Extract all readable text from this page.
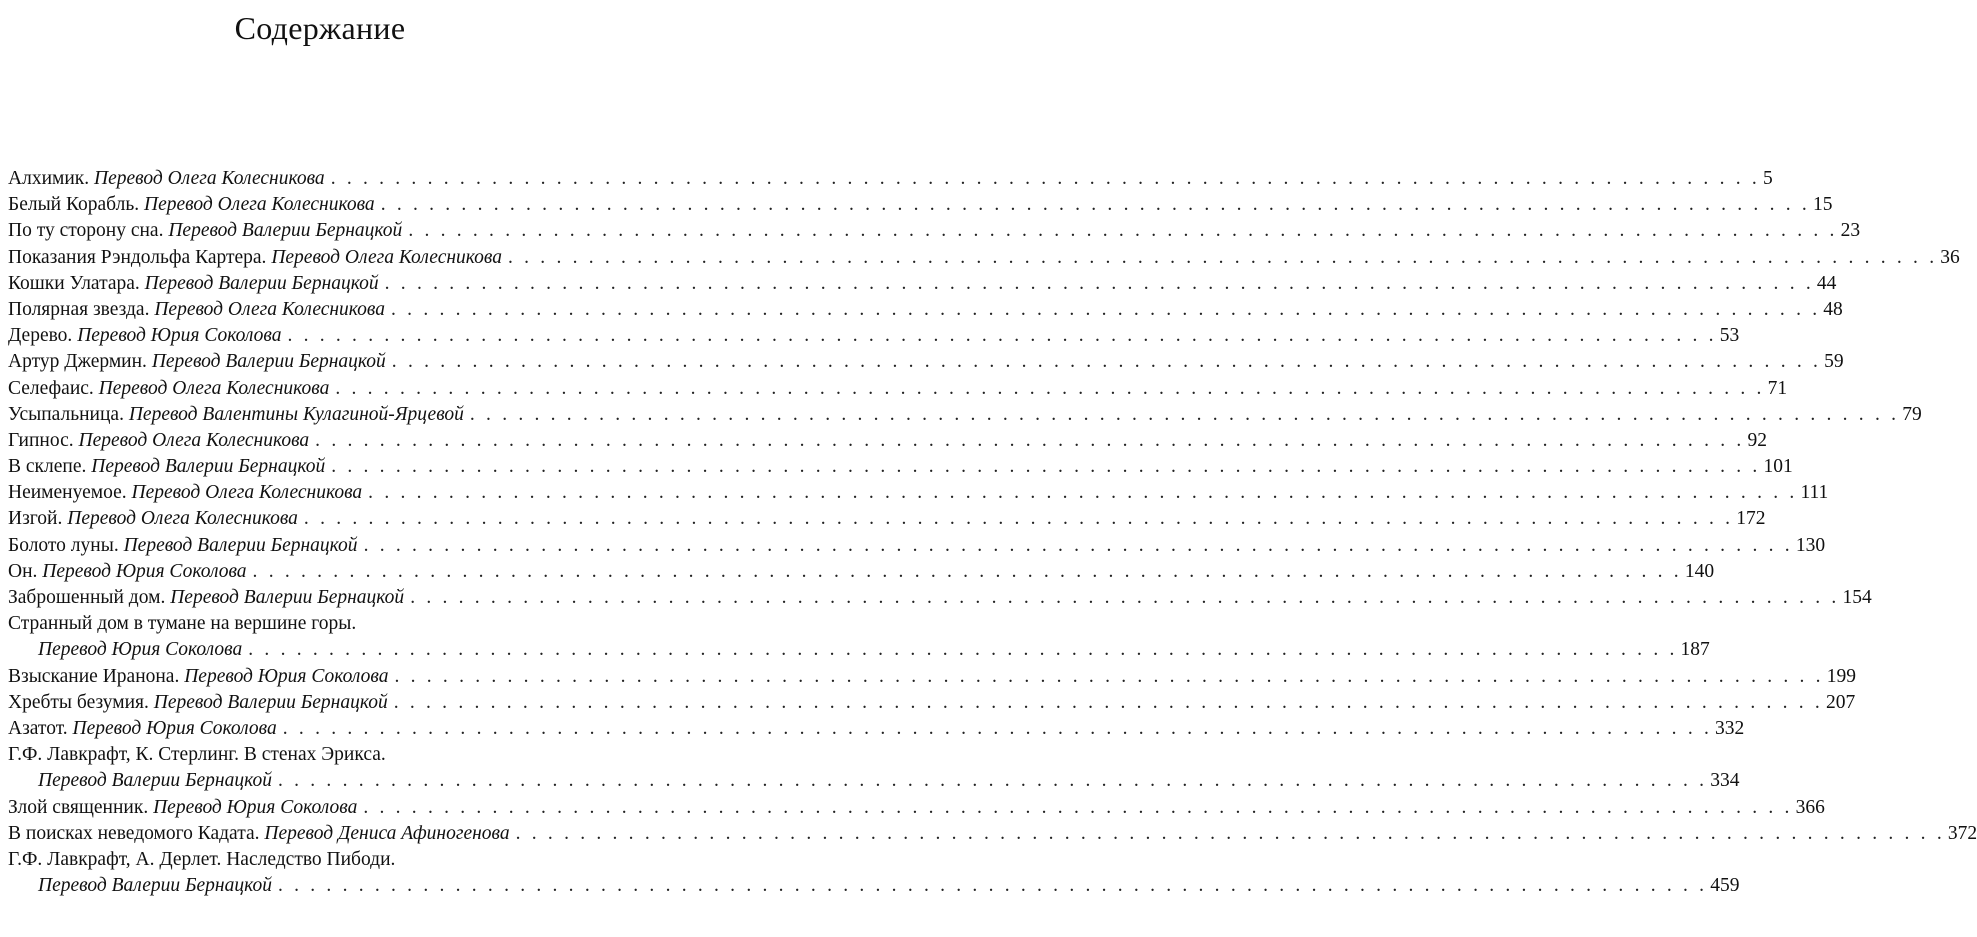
Содержание
Алхимик. Перевод Олега Колесникова . . .	5
Белый Корабль. Перевод Олега Колесникова . . .	15
По ту сторону сна. Перевод Валерии Бернацкой . . .	23
Показания Рэндольфа Картера. Перевод Олега Колесникова . . .	36
Кошки Улатара. Перевод Валерии Бернацкой . . .	44
Полярная звезда. Перевод Олега Колесникова . . .	48
Дерево. Перевод Юрия Соколова . . .	53
Артур Джермин. Перевод Валерии Бернацкой . . .	59
Селефаис. Перевод Олега Колесникова . . .	71
Усыпальница. Перевод Валентины Кулагиной-Ярцевой . . .	79
Гипнос. Перевод Олега Колесникова . . .	92
В склепе. Перевод Валерии Бернацкой . . .	101
Неименуемое. Перевод Олега Колесникова . . .	111
Изгой. Перевод Олега Колесникова . . .	172
Болото луны. Перевод Валерии Бернацкой . . .	130
Он. Перевод Юрия Соколова . . .	140
Заброшенный дом. Перевод Валерии Бернацкой . . .	154
Странный дом в тумане на вершине горы.
Перевод Юрия Соколова . . .	187
Взыскание Иранона. Перевод Юрия Соколова . . .	199
Хребты безумия. Перевод Валерии Бернацкой . . .	207
Азатот. Перевод Юрия Соколова . . .	332
Г.Ф. Лавкрафт, К. Стерлинг. В стенах Эрикса.
Перевод Валерии Бернацкой . . .	334
Злой священник. Перевод Юрия Соколова . . .	366
В поисках неведомого Кадата. Перевод Дениса Афиногенова . . .	372
Г.Ф. Лавкрафт, А. Дерлет. Наследство Пибоди.
Перевод Валерии Бернацкой . . .	459
